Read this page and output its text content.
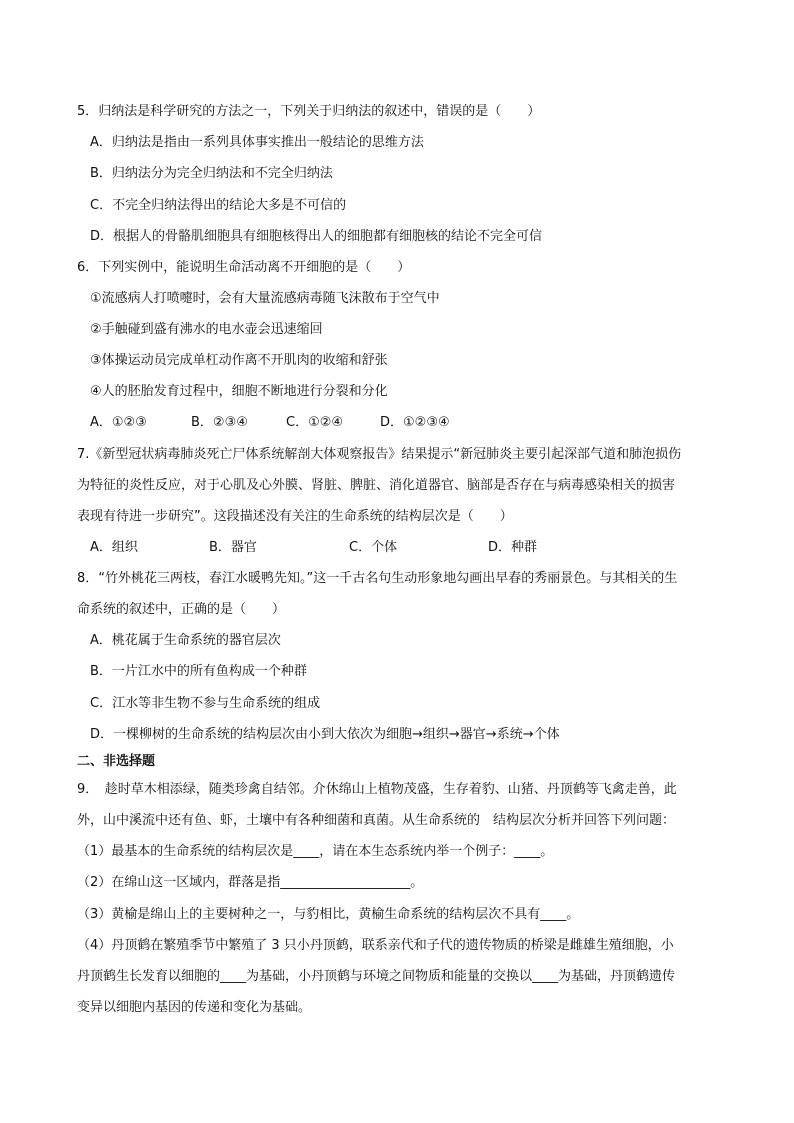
5．归纳法是科学研究的方法之一，下列关于归纳法的叙述中，错误的是（　　）
A．归纳法是指由一系列具体事实推出一般结论的思维方法
B．归纳法分为完全归纳法和不完全归纳法
C．不完全归纳法得出的结论大多是不可信的
D．根据人的骨骼肌细胞具有细胞核得出人的细胞都有细胞核的结论不完全可信
6．下列实例中，能说明生命活动离不开细胞的是（　　）
①流感病人打喷嚏时，会有大量流感病毒随飞沫散布于空气中
②手触碰到盛有沸水的电水壶会迅速缩回
③体操运动员完成单杠动作离不开肌肉的收缩和舒张
④人的胚胎发育过程中，细胞不断地进行分裂和分化
A．①②③	B．②③④	C．①②④	D．①②③④
7.《新型冠状病毒肺炎死亡尸体系统解剖大体观察报告》结果提示“新冠肺炎主要引起深部气道和肺泡损伤
为特征的炎性反应，对于心肌及心外膜、肾脏、脾脏、消化道器官、脑部是否存在与病毒感染相关的损害
表现有待进一步研究”。这段描述没有关注的生命系统的结构层次是（　　）
A．组织	B．器官	C．个体	D．种群
8．“竹外桃花三两枝，春江水暖鸭先知。”这一千古名句生动形象地勾画出早春的秀丽景色。与其相关的生
命系统的叙述中，正确的是（　　）
A．桃花属于生命系统的器官层次
B．一片江水中的所有鱼构成一个种群
C．江水等非生物不参与生命系统的组成
D．一棵柳树的生命系统的结构层次由小到大依次为细胞→组织→器官→系统→个体
二、非选择题
9．　趁时草木相添绿，随类珍禽自结邻。介休绵山上植物茂盛，生存着豹、山猪、丹顶鹤等飞禽走兽，此
外，山中溪流中还有鱼、虾，土壤中有各种细菌和真菌。从生命系统的　结构层次分析并回答下列问题：
（1）最基本的生命系统的结构层次是____，请在本生态系统内举一个例子：____。
（2）在绵山这一区域内，群落是指____________________。
（3）黄榆是绵山上的主要树种之一，与豹相比，黄榆生命系统的结构层次不具有____。
（4）丹顶鹤在繁殖季节中繁殖了 3 只小丹顶鹤，联系亲代和子代的遗传物质的桥梁是雌雄生殖细胞，小
丹顶鹤生长发育以细胞的____为基础，小丹顶鹤与环境之间物质和能量的交换以____为基础，丹顶鹤遗传
变异以细胞内基因的传递和变化为基础。
